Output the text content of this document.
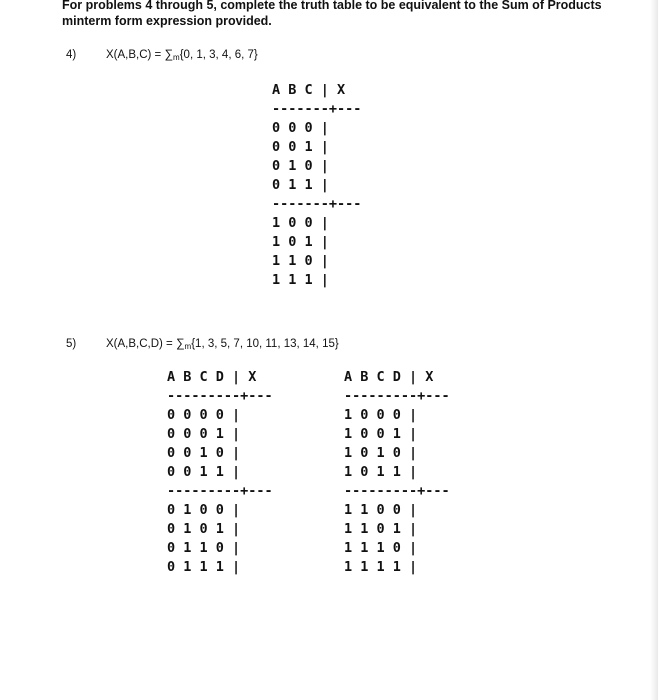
For problems 4 through 5, complete the truth table to be equivalent to the Sum of Products minterm form expression provided.

4)	$X(A,B,C) = \sum_m\{0$, 1, 3, 4, 6, 7}
A B C | X
-------+---
0 0 0 |
0 0 1 |
0 1 0 |
0 1 1 |
-------+---
1 0 0 |
1 0 1 |
1 1 0 |
1 1 1 |
5)	$X(A,B,C,D) = \sum_m\{1$, 3, 5, 7, 10, 11, 13, 14, 15}
A B C D | X
---------+---
0 0 0 0 |
0 0 0 1 |
0 0 1 0 |
0 0 1 1 |
---------+---
0 1 0 0 |
0 1 0 1 |
0 1 1 0 |
0 1 1 1 |
A B C D | X
---------+---
1 0 0 0 |
1 0 0 1 |
1 0 1 0 |
1 0 1 1 |
---------+---
1 1 0 0 |
1 1 0 1 |
1 1 1 0 |
1 1 1 1 |
